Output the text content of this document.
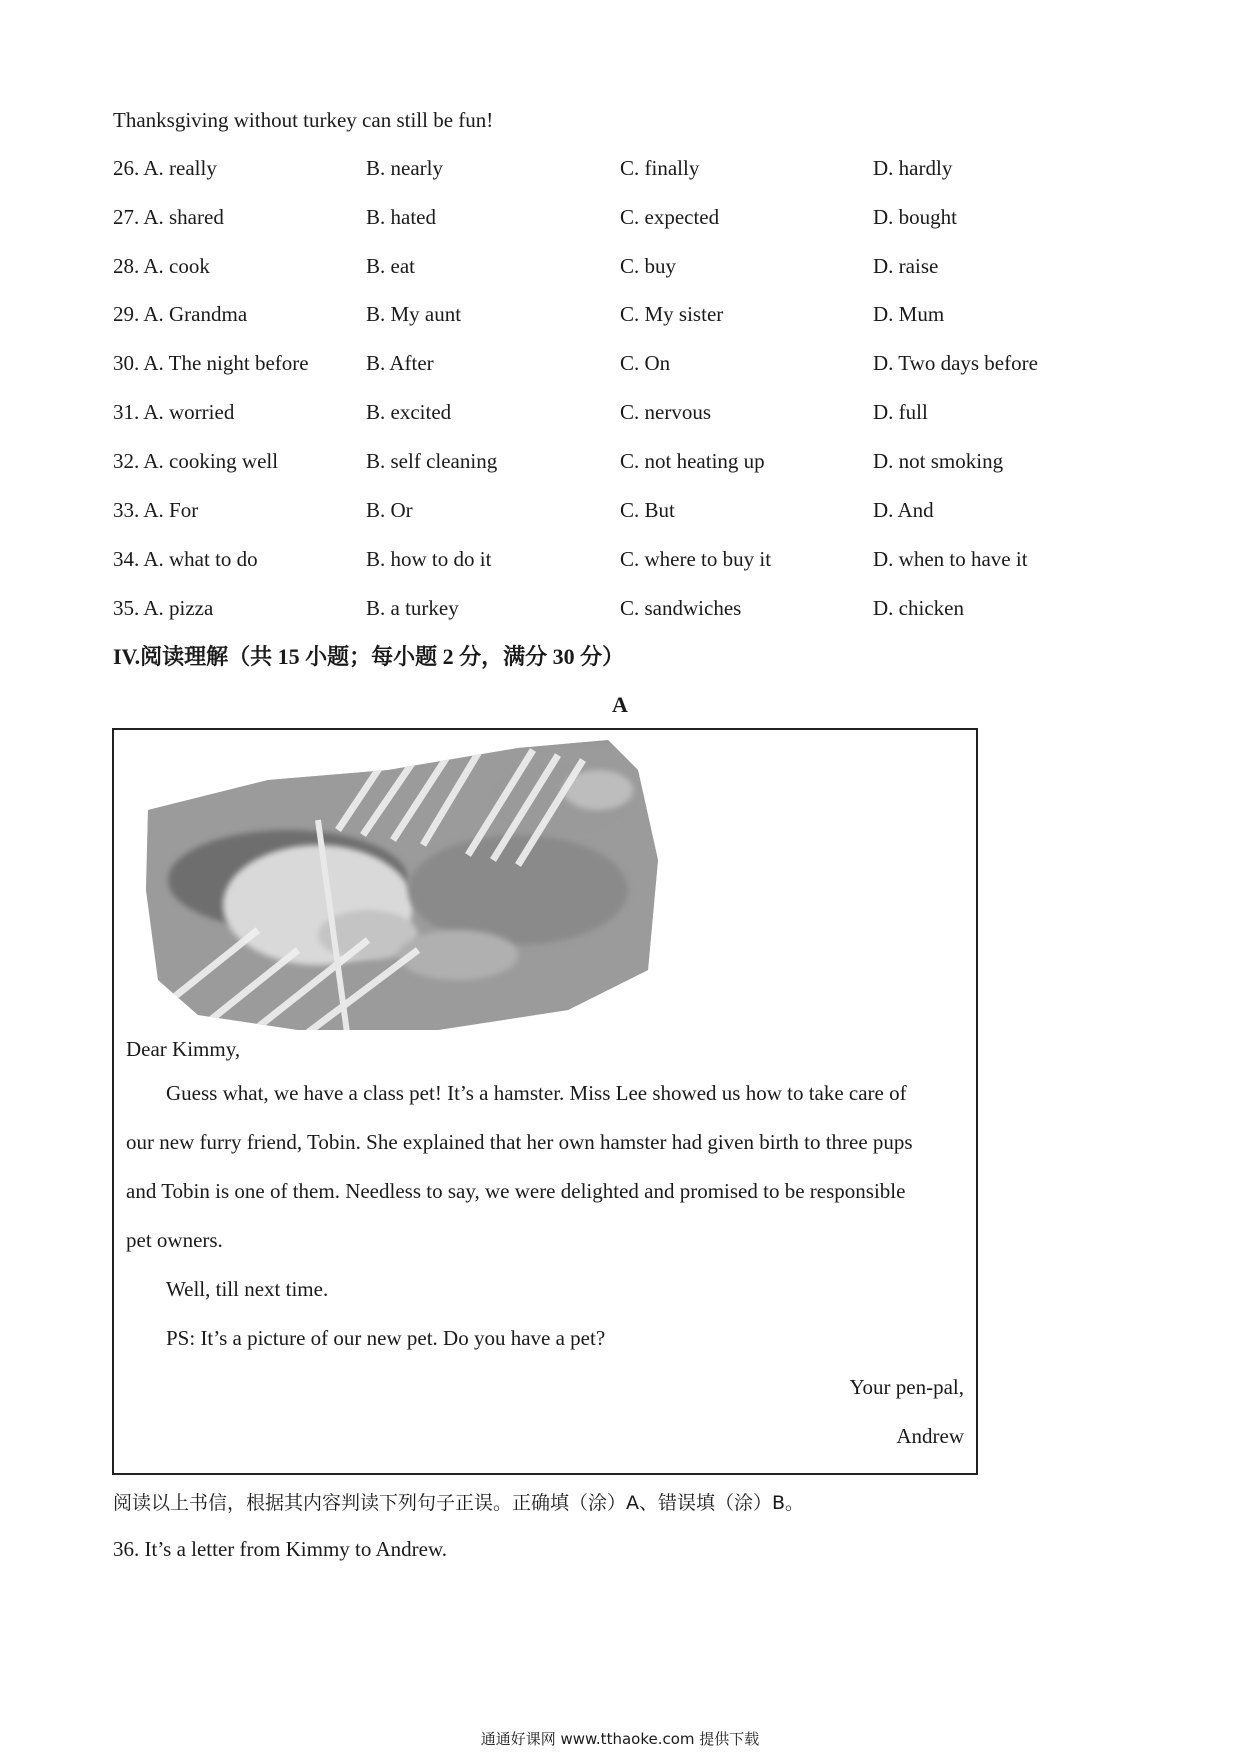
Thanksgiving without turkey can still be fun!
26. A. really	B. nearly	C. finally	D. hardly
27. A. shared	B. hated	C. expected	D. bought
28. A. cook	B. eat	C. buy	D. raise
29. A. Grandma	B. My aunt	C. My sister	D. Mum
30. A. The night before	B. After	C. On	D. Two days before
31. A. worried	B. excited	C. nervous	D. full
32. A. cooking well	B. self cleaning	C. not heating up	D. not smoking
33. A. For	B. Or	C. But	D. And
34. A. what to do	B. how to do it	C. where to buy it	D. when to have it
35. A. pizza	B. a turkey	C. sandwiches	D. chicken
IV.阅读理解（共 15 小题；每小题 2 分，满分 30 分）
A
Dear Kimmy,
Guess what, we have a class pet! It’s a hamster. Miss Lee showed us how to take care of
our new furry friend, Tobin. She explained that her own hamster had given birth to three pups
and Tobin is one of them. Needless to say, we were delighted and promised to be responsible
pet owners.
Well, till next time.
PS: It’s a picture of our new pet. Do you have a pet?
Your pen-pal,
Andrew
阅读以上书信，根据其内容判读下列句子正误。正确填（涂）A、错误填（涂）B。
36. It’s a letter from Kimmy to Andrew.
通通好课网 www.tthaoke.com 提供下载
